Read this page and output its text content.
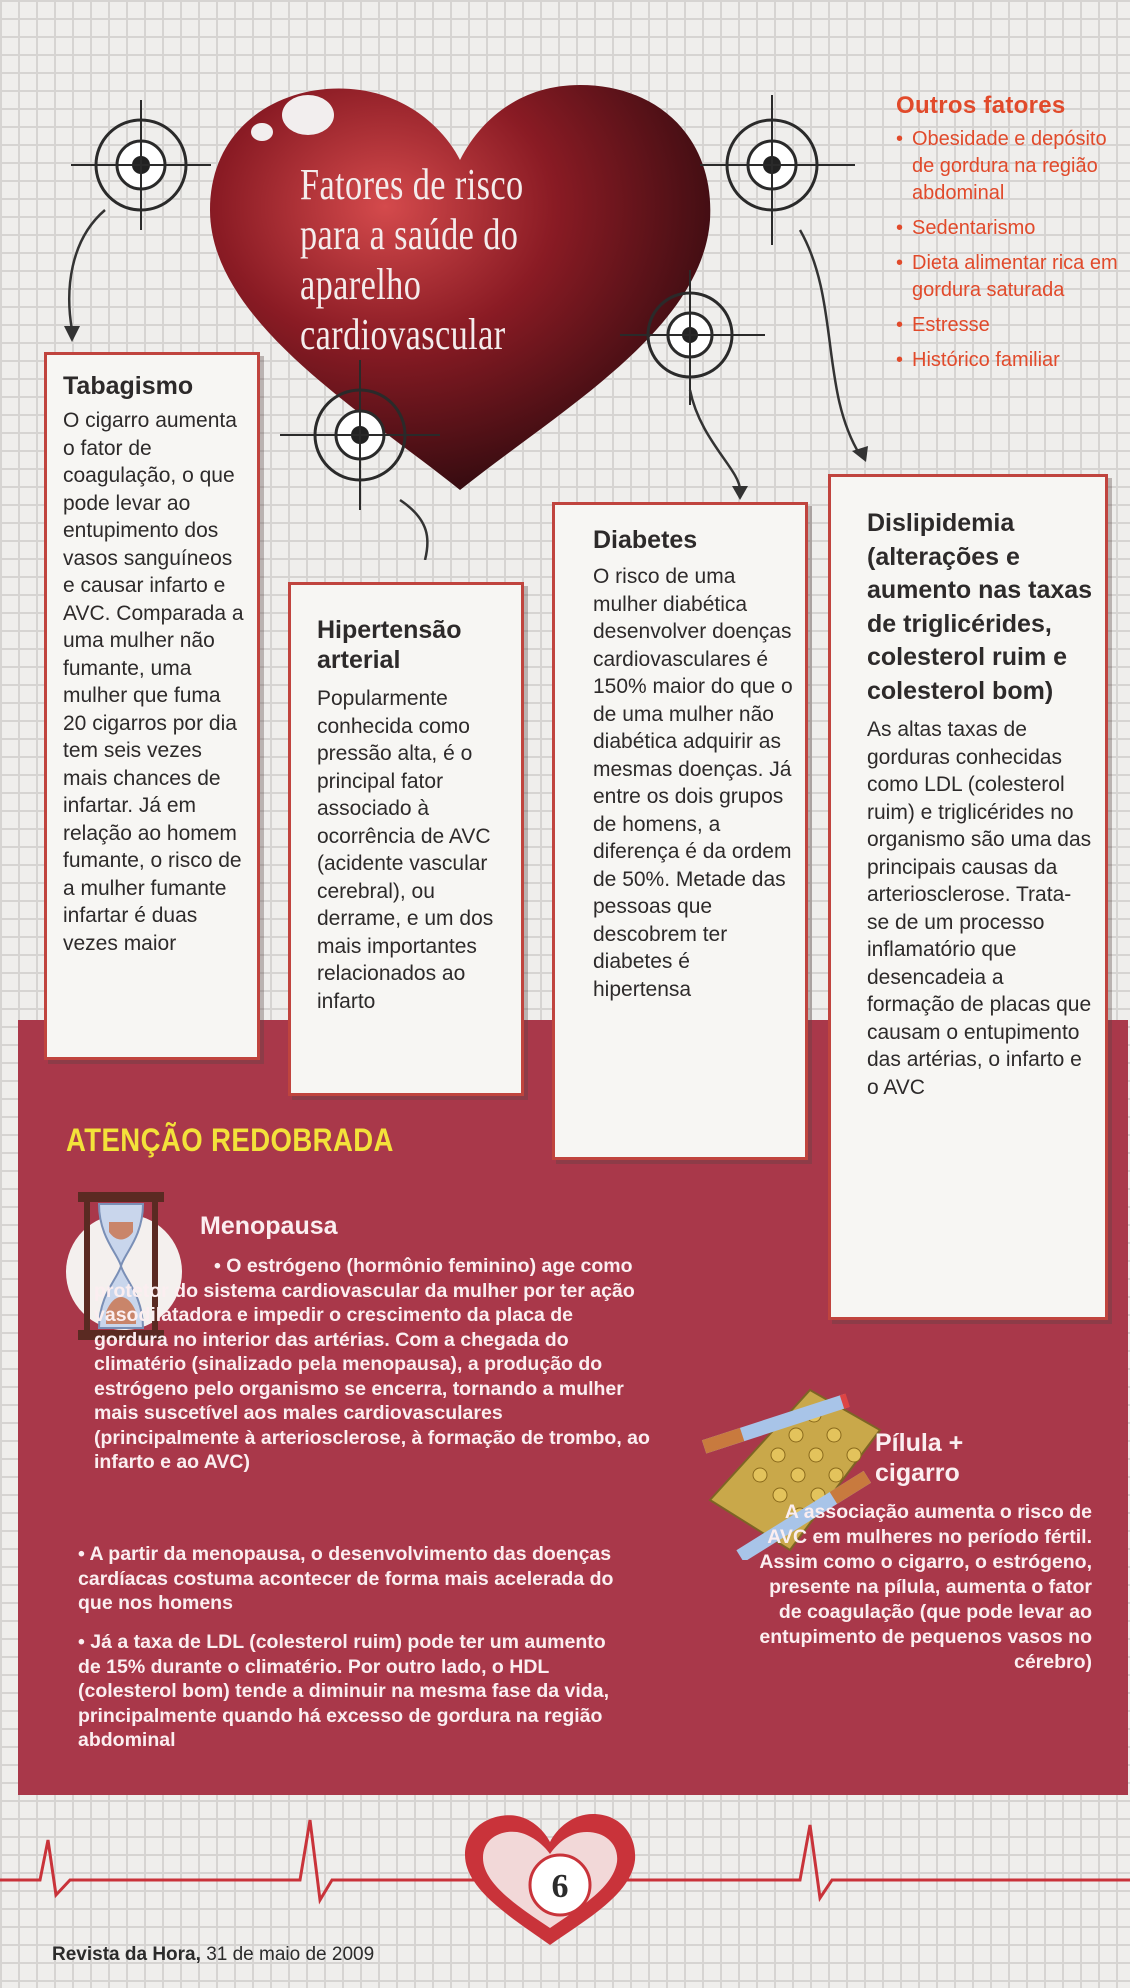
Fatores de risco para a saúde do aparelho cardiovascular
Outros fatores
• Obesidade e depósito de gordura na região abdominal
• Sedentarismo
• Dieta alimentar rica em gordura saturada
• Estresse
• Histórico familiar
Tabagismo

O cigarro aumenta o fator de coagulação, o que pode levar ao entupimento dos vasos sanguíneos e causar infarto e AVC. Comparada a uma mulher não fumante, uma mulher que fuma 20 cigarros por dia tem seis vezes mais chances de infartar. Já em relação ao homem fumante, o risco de a mulher fumante infartar é duas vezes maior

Hipertensão arterial

Popularmente conhecida como pressão alta, é o principal fator associado à ocorrência de AVC (acidente vascular cerebral), ou derrame, e um dos mais importantes relacionados ao infarto

Diabetes

O risco de uma mulher diabética desenvolver doenças cardiovasculares é 150% maior do que o de uma mulher não diabética adquirir as mesmas doenças. Já entre os dois grupos de homens, a diferença é da ordem de 50%. Metade das pessoas que descobrem ter diabetes é hipertensa

Dislipidemia (alterações e aumento nas taxas de triglicérides, colesterol ruim e colesterol bom)

As altas taxas de gorduras conhecidas como LDL (colesterol ruim) e triglicérides no organismo são uma das principais causas da arteriosclerose. Trata-se de um processo inflamatório que desencadeia a formação de placas que causam o entupimento das artérias, o infarto e o AVC

ATENÇÃO REDOBRADA
Menopausa

• O estrógeno (hormônio feminino) age como protetor do sistema cardiovascular da mulher por ter ação vasodilatadora e impedir o crescimento da placa de gordura no interior das artérias. Com a chegada do climatério (sinalizado pela menopausa), a produção do estrógeno pelo organismo se encerra, tornando a mulher mais suscetível aos males cardiovasculares (principalmente à arteriosclerose, à formação de trombo, ao infarto e ao AVC)

• A partir da menopausa, o desenvolvimento das doenças cardíacas costuma acontecer de forma mais acelerada do que nos homens

• Já a taxa de LDL (colesterol ruim) pode ter um aumento de 15% durante o climatério. Por outro lado, o HDL (colesterol bom) tende a diminuir na mesma fase da vida, principalmente quando há excesso de gordura na região abdominal

Pílula + cigarro
A associação aumenta o risco de AVC em mulheres no período fértil. Assim como o cigarro, o estrógeno, presente na pílula, aumenta o fator de coagulação (que pode levar ao entupimento de pequenos vasos no cérebro)
6
Revista da Hora, 31 de maio de 2009
